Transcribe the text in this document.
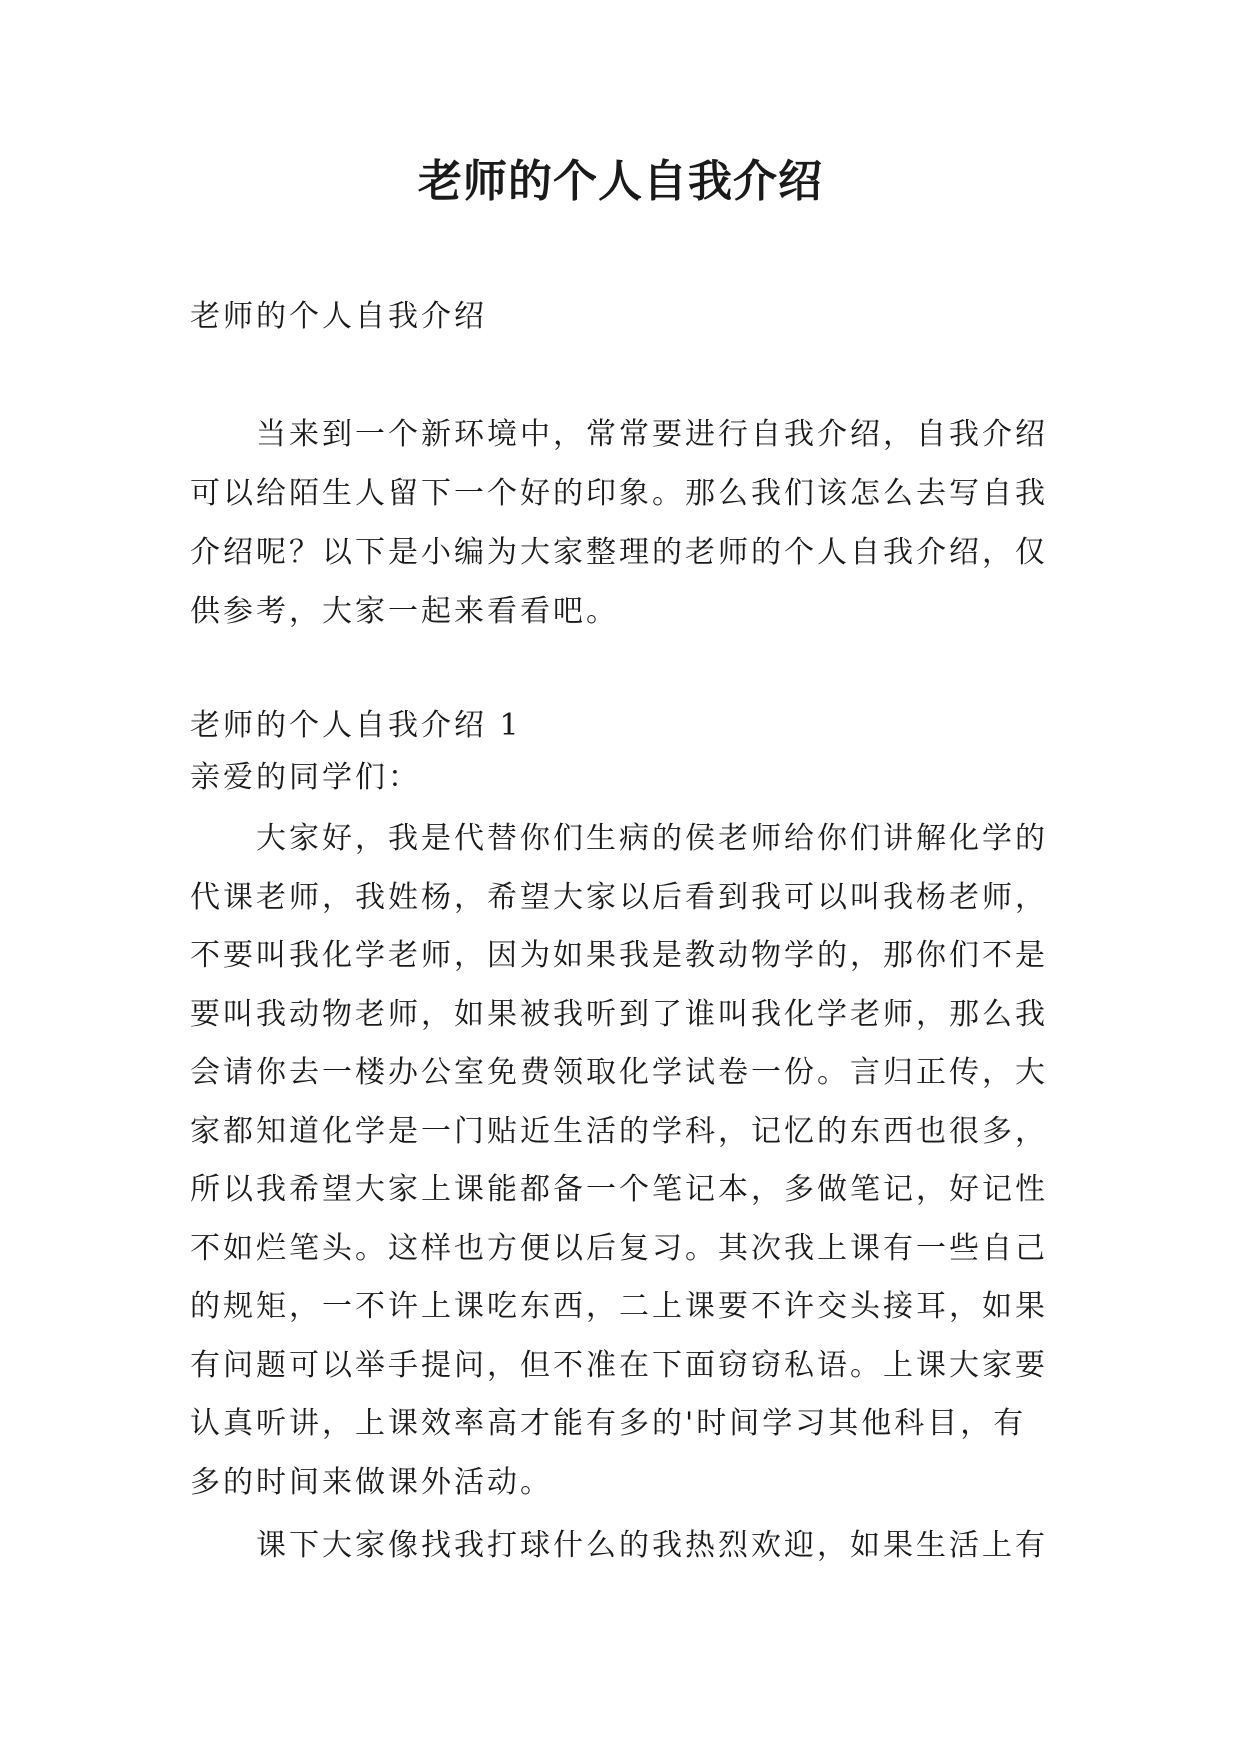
老师的个人自我介绍

老师的个人自我介绍

当来到一个新环境中，常常要进行自我介绍，自我介绍可以给陌生人留下一个好的印象。那么我们该怎么去写自我介绍呢？以下是小编为大家整理的老师的个人自我介绍，仅供参考，大家一起来看看吧。

老师的个人自我介绍 1

亲爱的同学们：

大家好，我是代替你们生病的侯老师给你们讲解化学的代课老师，我姓杨，希望大家以后看到我可以叫我杨老师，不要叫我化学老师，因为如果我是教动物学的，那你们不是要叫我动物老师，如果被我听到了谁叫我化学老师，那么我会请你去一楼办公室免费领取化学试卷一份。言归正传，大家都知道化学是一门贴近生活的学科，记忆的东西也很多，所以我希望大家上课能都备一个笔记本，多做笔记，好记性不如烂笔头。这样也方便以后复习。其次我上课有一些自己的规矩，一不许上课吃东西，二上课要不许交头接耳，如果有问题可以举手提问，但不准在下面窃窃私语。上课大家要认真听讲，上课效率高才能有多的'时间学习其他科目，有多的时间来做课外活动。

课下大家像找我打球什么的我热烈欢迎，如果生活上有
